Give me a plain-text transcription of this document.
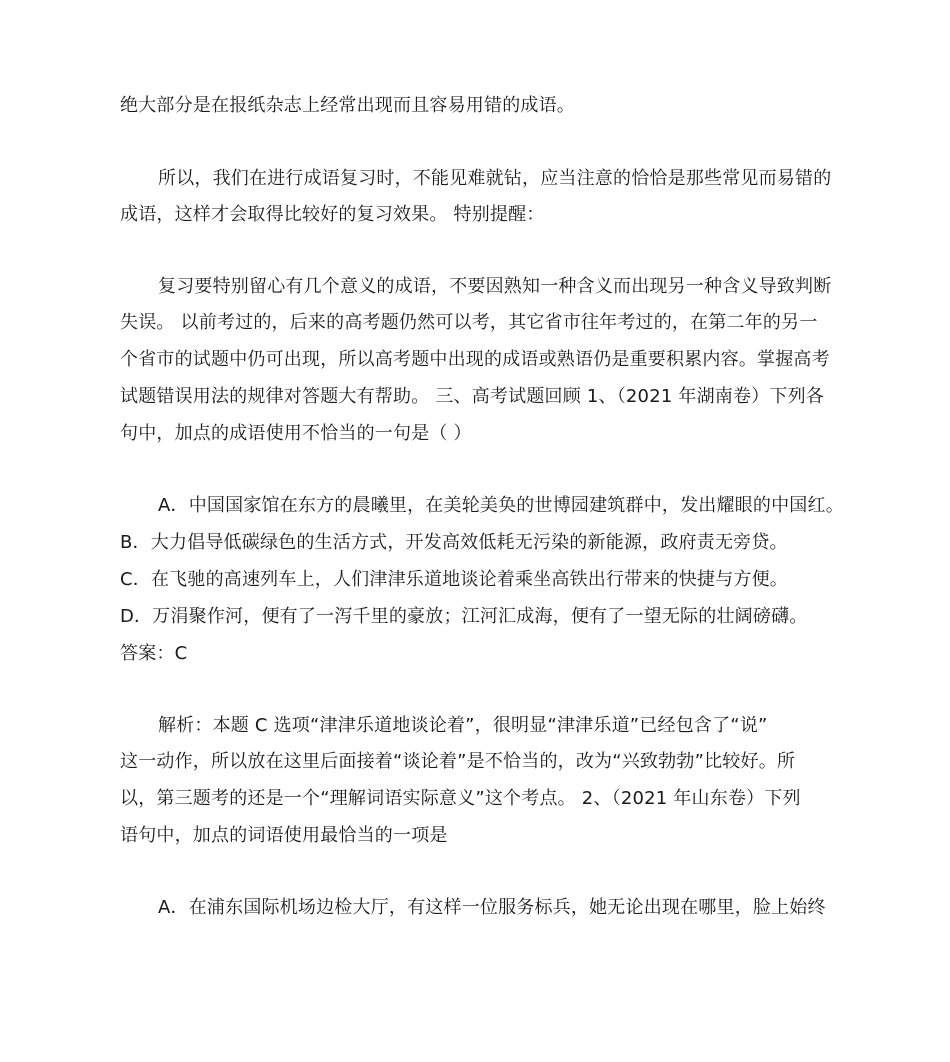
绝大部分是在报纸杂志上经常出现而且容易用错的成语。
所以，我们在进行成语复习时，不能见难就钻，应当注意的恰恰是那些常见而易错的
成语，这样才会取得比较好的复习效果。 特别提醒：
复习要特别留心有几个意义的成语，不要因熟知一种含义而出现另一种含义导致判断
失误。 以前考过的，后来的高考题仍然可以考，其它省市往年考过的，在第二年的另一
个省市的试题中仍可出现，所以高考题中出现的成语或熟语仍是重要积累内容。掌握高考
试题错误用法的规律对答题大有帮助。 三、高考试题回顾 1、（2021 年湖南卷）下列各
句中，加点的成语使用不恰当的一句是（ ）
A．中国国家馆在东方的晨曦里，在美轮美奂的世博园建筑群中，发出耀眼的中国红。
B．大力倡导低碳绿色的生活方式，开发高效低耗无污染的新能源，政府责无旁贷。
C．在飞驰的高速列车上，人们津津乐道地谈论着乘坐高铁出行带来的快捷与方便。
D．万涓聚作河，便有了一泻千里的豪放；江河汇成海，便有了一望无际的壮阔磅礴。
答案：C
解析：本题 C 选项“津津乐道地谈论着”，很明显“津津乐道”已经包含了“说”
这一动作，所以放在这里后面接着“谈论着”是不恰当的，改为“兴致勃勃”比较好。所
以，第三题考的还是一个“理解词语实际意义”这个考点。 2、（2021 年山东卷）下列
语句中，加点的词语使用最恰当的一项是
A．在浦东国际机场边检大厅，有这样一位服务标兵，她无论出现在哪里，脸上始终
